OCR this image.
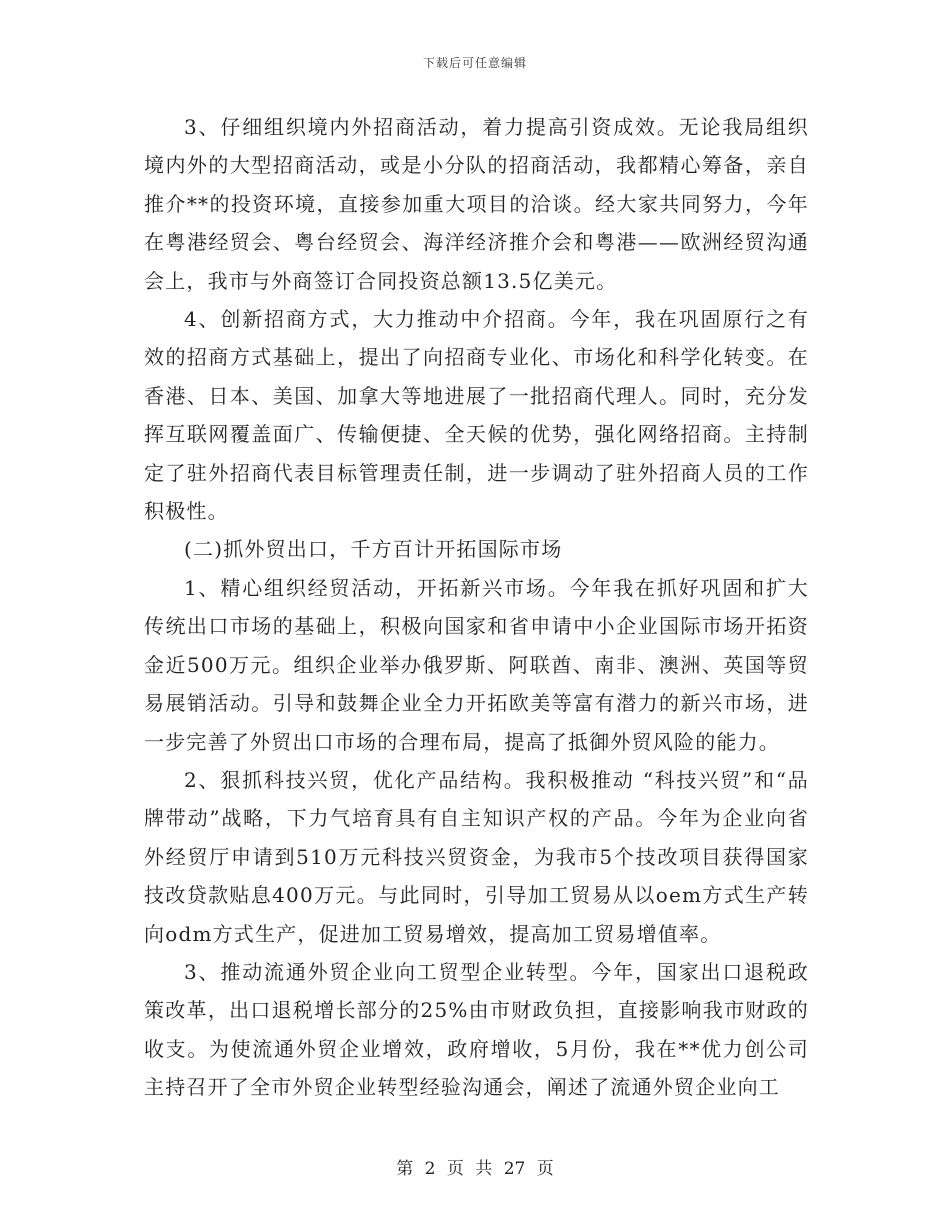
下载后可任意编辑

3、仔细组织境内外招商活动，着力提高引资成效。无论我局组织境内外的大型招商活动，或是小分队的招商活动，我都精心筹备，亲自推介**的投资环境，直接参加重大项目的洽谈。经大家共同努力，今年在粤港经贸会、粤台经贸会、海洋经济推介会和粤港——欧洲经贸沟通会上，我市与外商签订合同投资总额13.5亿美元。

4、创新招商方式，大力推动中介招商。今年，我在巩固原行之有效的招商方式基础上，提出了向招商专业化、市场化和科学化转变。在香港、日本、美国、加拿大等地进展了一批招商代理人。同时，充分发挥互联网覆盖面广、传输便捷、全天候的优势，强化网络招商。主持制定了驻外招商代表目标管理责任制，进一步调动了驻外招商人员的工作积极性。

(二)抓外贸出口，千方百计开拓国际市场

1、精心组织经贸活动，开拓新兴市场。今年我在抓好巩固和扩大传统出口市场的基础上，积极向国家和省申请中小企业国际市场开拓资金近500万元。组织企业举办俄罗斯、阿联酋、南非、澳洲、英国等贸易展销活动。引导和鼓舞企业全力开拓欧美等富有潜力的新兴市场，进一步完善了外贸出口市场的合理布局，提高了抵御外贸风险的能力。

2、狠抓科技兴贸，优化产品结构。我积极推动 “科技兴贸”和“品牌带动”战略，下力气培育具有自主知识产权的产品。今年为企业向省外经贸厅申请到510万元科技兴贸资金，为我市5个技改项目获得国家技改贷款贴息400万元。与此同时，引导加工贸易从以oem方式生产转向odm方式生产，促进加工贸易增效，提高加工贸易增值率。

3、推动流通外贸企业向工贸型企业转型。今年，国家出口退税政策改革，出口退税增长部分的25%由市财政负担，直接影响我市财政的收支。为使流通外贸企业增效，政府增收，5月份，我在**优力创公司主持召开了全市外贸企业转型经验沟通会，阐述了流通外贸企业向工

第 2 页 共 27 页
